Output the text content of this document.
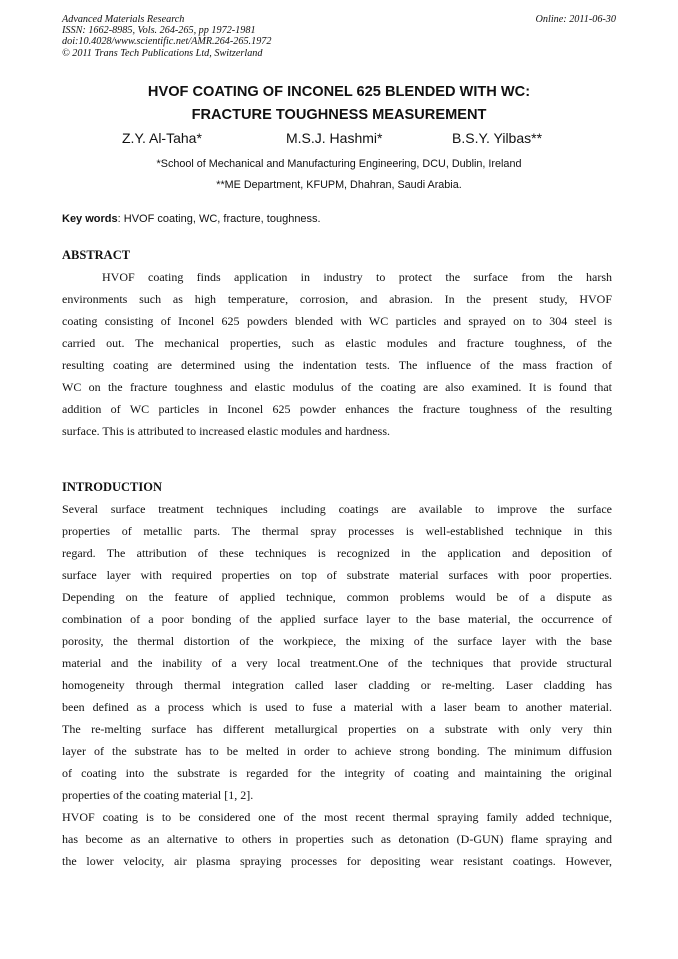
Advanced Materials Research
ISSN: 1662-8985, Vols. 264-265, pp 1972-1981
doi:10.4028/www.scientific.net/AMR.264-265.1972
© 2011 Trans Tech Publications Ltd, Switzerland
Online: 2011-06-30
HVOF COATING OF INCONEL 625 BLENDED WITH WC:
FRACTURE TOUGHNESS MEASUREMENT
Z.Y. Al-Taha*	M.S.J. Hashmi*	B.S.Y. Yilbas**
*School of Mechanical and Manufacturing Engineering, DCU, Dublin, Ireland
**ME Department, KFUPM, Dhahran, Saudi Arabia.
Key words: HVOF coating, WC, fracture, toughness.
ABSTRACT
HVOF coating finds application in industry to protect the surface from the harsh
environments such as high temperature, corrosion, and abrasion. In the present study, HVOF
coating consisting of Inconel 625 powders blended with WC particles and sprayed on to 304 steel is
carried out. The mechanical properties, such as elastic modules and fracture toughness, of the
resulting coating are determined using the indentation tests. The influence of the mass fraction of
WC on the fracture toughness and elastic modulus of the coating are also examined. It is found that
addition of WC particles in Inconel 625 powder enhances the fracture toughness of the resulting
surface. This is attributed to increased elastic modules and hardness.
INTRODUCTION
Several surface treatment techniques including coatings are available to improve the surface
properties of metallic parts. The thermal spray processes is well-established technique in this
regard. The attribution of these techniques is recognized in the application and deposition of
surface layer with required properties on top of substrate material surfaces with poor properties.
Depending on the feature of applied technique, common problems would be of a dispute as
combination of a poor bonding of the applied surface layer to the base material, the occurrence of
porosity, the thermal distortion of the workpiece, the mixing of the surface layer with the base
material and the inability of a very local treatment.One of the techniques that provide structural
homogeneity through thermal integration called laser cladding or re-melting. Laser cladding has
been defined as a process which is used to fuse a material with a laser beam to another material.
The re-melting surface has different metallurgical properties on a substrate with only very thin
layer of the substrate has to be melted in order to achieve strong bonding. The minimum diffusion
of coating into the substrate is regarded for the integrity of coating and maintaining the original
properties of the coating material [1, 2].
HVOF coating is to be considered one of the most recent thermal spraying family added technique,
has become as an alternative to others in properties such as detonation (D-GUN) flame spraying and
the lower velocity, air plasma spraying processes for depositing wear resistant coatings. However,
